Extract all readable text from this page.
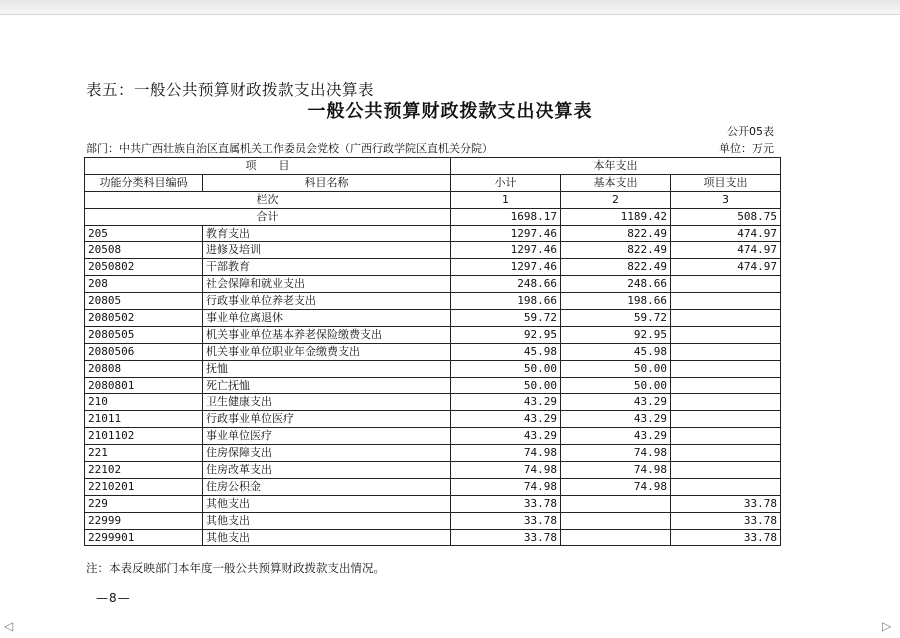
表五：一般公共预算财政拨款支出决算表
一般公共预算财政拨款支出决算表
公开05表
部门：中共广西壮族自治区直属机关工作委员会党校（广西行政学院区直机关分院）	单位：万元
项　　目		本年支出		
功能分类科目编码	科目名称	小计	基本支出	项目支出
栏次		1	2	3
合计		1698.17	1189.42	508.75
205	教育支出	1297.46	822.49	474.97
20508	进修及培训	1297.46	822.49	474.97
2050802	干部教育	1297.46	822.49	474.97
208	社会保障和就业支出	248.66	248.66	
20805	行政事业单位养老支出	198.66	198.66	
2080502	事业单位离退休	59.72	59.72	
2080505	机关事业单位基本养老保险缴费支出	92.95	92.95	
2080506	机关事业单位职业年金缴费支出	45.98	45.98	
20808	抚恤	50.00	50.00	
2080801	死亡抚恤	50.00	50.00	
210	卫生健康支出	43.29	43.29	
21011	行政事业单位医疗	43.29	43.29	
2101102	事业单位医疗	43.29	43.29	
221	住房保障支出	74.98	74.98	
22102	住房改革支出	74.98	74.98	
2210201	住房公积金	74.98	74.98	
229	其他支出	33.78		33.78
22999	其他支出	33.78		33.78
2299901	其他支出	33.78		33.78
注：本表反映部门本年度一般公共预算财政拨款支出情况。
—8—
◁	▷
